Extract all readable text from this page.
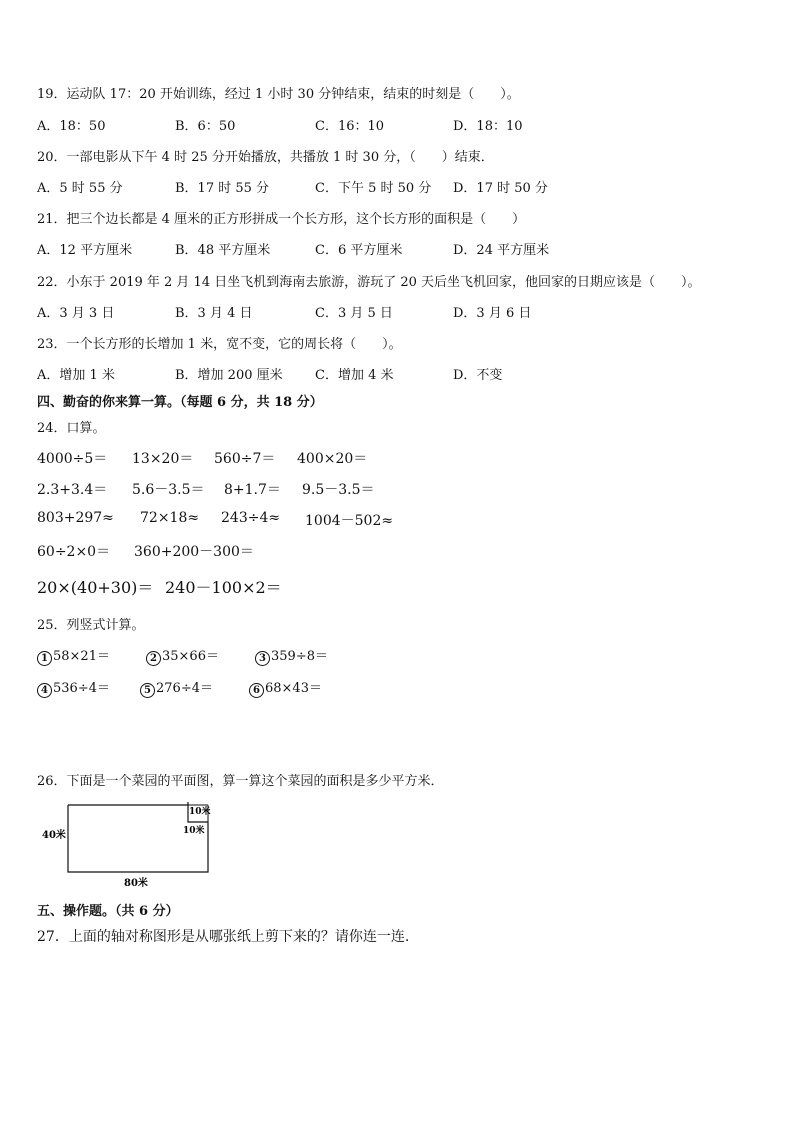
19．运动队 17：20 开始训练，经过 1 小时 30 分钟结束，结束的时刻是（　　）。
A．18：50	B．6：50	C．16：10	D．18：10
20．一部电影从下午 4 时 25 分开始播放，共播放 1 时 30 分，（　　）结束．
A．5 时 55 分	B．17 时 55 分	C．下午 5 时 50 分 D．17 时 50 分
21．把三个边长都是 4 厘米的正方形拼成一个长方形，这个长方形的面积是（　　）
A．12 平方厘米	B．48 平方厘米	C．6 平方厘米	D．24 平方厘米
22．小东于 2019 年 2 月 14 日坐飞机到海南去旅游，游玩了 20 天后坐飞机回家，他回家的日期应该是（　　）。
A．3 月 3 日	B．3 月 4 日	C．3 月 5 日	D．3 月 6 日
23．一个长方形的长增加 1 米，宽不变，它的周长将（　　）。
A．增加 1 米	B．增加 200 厘米 C．增加 4 米	D．不变
四、勤奋的你来算一算。（每题 6 分，共 18 分）
24．口算。
4000÷5＝ 13×20＝ 560÷7＝ 400×20＝
2.3+3.4＝ 5.6－3.5＝ 8+1.7＝ 9.5－3.5＝
803+297≈ 72×18≈ 243÷4≈ 1004－502≈
60÷2×0＝ 360+200－300＝
20×(40+30)＝ 240－100×2＝
25．列竖式计算。
1 58×21＝	2 35×66＝	3 359÷8＝
4 536÷4＝	5 276÷4＝	6 68×43＝
26．下面是一个菜园的平面图，算一算这个菜园的面积是多少平方米．
40米
80米
10米
10米
五、操作题。（共 6 分）
27．上面的轴对称图形是从哪张纸上剪下来的？请你连一连.
